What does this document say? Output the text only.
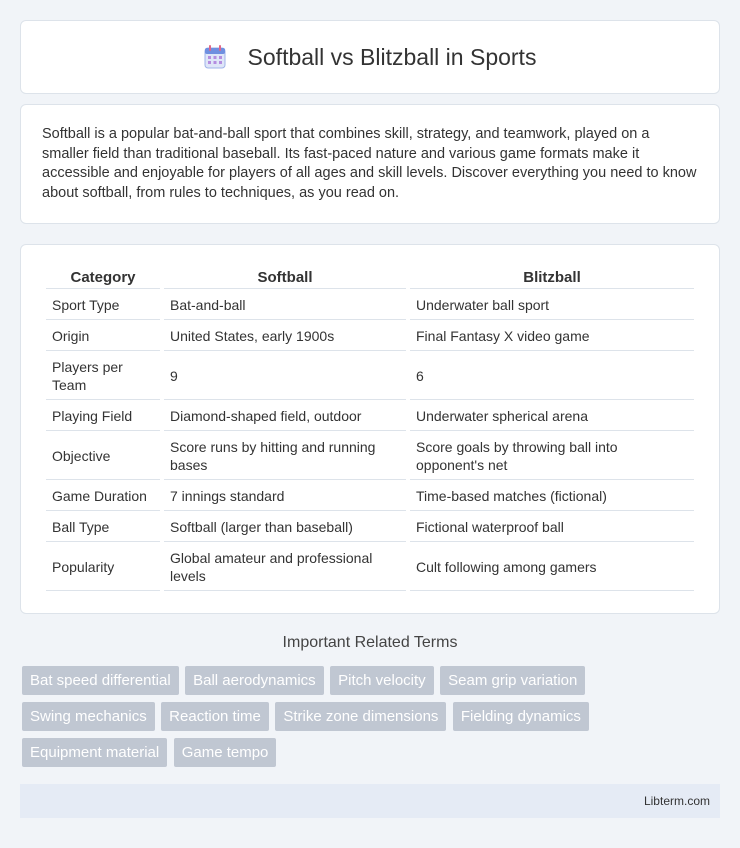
Softball vs Blitzball in Sports

Softball is a popular bat-and-ball sport that combines skill, strategy, and teamwork, played on a smaller field than traditional baseball. Its fast-paced nature and various game formats make it accessible and enjoyable for players of all ages and skill levels. Discover everything you need to know about softball, from rules to techniques, as you read on.

Category	Softball	Blitzball
Sport Type	Bat-and-ball	Underwater ball sport
Origin	United States, early 1900s	Final Fantasy X video game
Players per Team	9	6
Playing Field	Diamond-shaped field, outdoor	Underwater spherical arena
Objective	Score runs by hitting and running bases	Score goals by throwing ball into opponent's net
Game Duration	7 innings standard	Time-based matches (fictional)
Ball Type	Softball (larger than baseball)	Fictional waterproof ball
Popularity	Global amateur and professional levels	Cult following among gamers
Important Related Terms
Bat speed differential Ball aerodynamics Pitch velocity Seam grip variation
Swing mechanics Reaction time Strike zone dimensions Fielding dynamics
Equipment material Game tempo
Libterm.com
